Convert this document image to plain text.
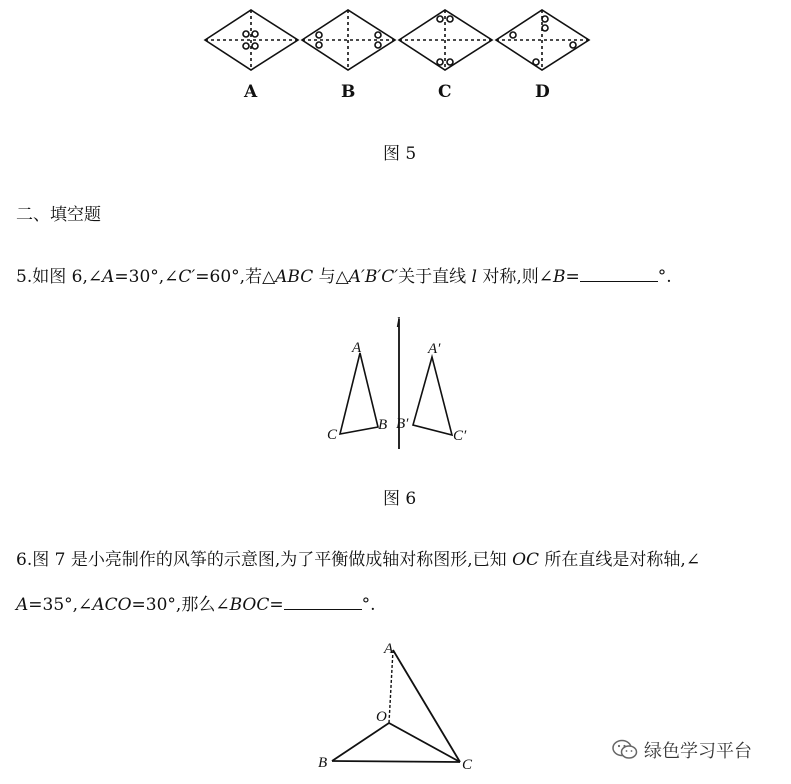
A	B	C	D
图 5
二、填空题
5.如图 6,∠A=30°,∠C′=60°,若△ABC 与△A′B′C′关于直线 l 对称,则∠B=	°.
l
A
B
C
A′
B′
C′
图 6
6.图 7 是小亮制作的风筝的示意图,为了平衡做成轴对称图形,已知 OC 所在直线是对称轴,∠
A=35°,∠ACO=30°,那么∠BOC=	°.
A
O
B	C
绿色学习平台
